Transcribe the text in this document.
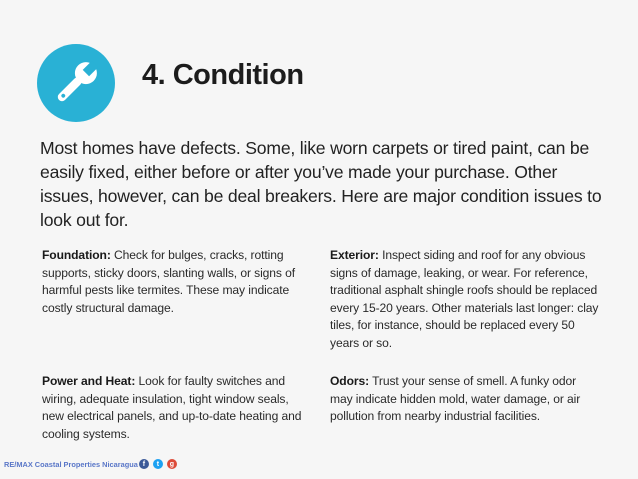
4. Condition
Most homes have defects. Some, like worn carpets or tired paint, can be easily fixed, either before or after you’ve made your purchase. Other issues, however, can be deal breakers. Here are major condition issues to look out for.
Foundation: Check for bulges, cracks, rotting supports, sticky doors, slanting walls, or signs of harmful pests like termites. These may indicate costly structural damage.
Exterior: Inspect siding and roof for any obvious signs of damage, leaking, or wear. For reference, traditional asphalt shingle roofs should be replaced every 15-20 years. Other materials last longer: clay tiles, for instance, should be replaced every 50 years or so.
Power and Heat: Look for faulty switches and wiring, adequate insulation, tight window seals, new electrical panels, and up-to-date heating and cooling systems.
Odors: Trust your sense of smell. A funky odor may indicate hidden mold, water damage, or air pollution from nearby industrial facilities.
RE/MAX Coastal Properties Nicaragua f	t	g
